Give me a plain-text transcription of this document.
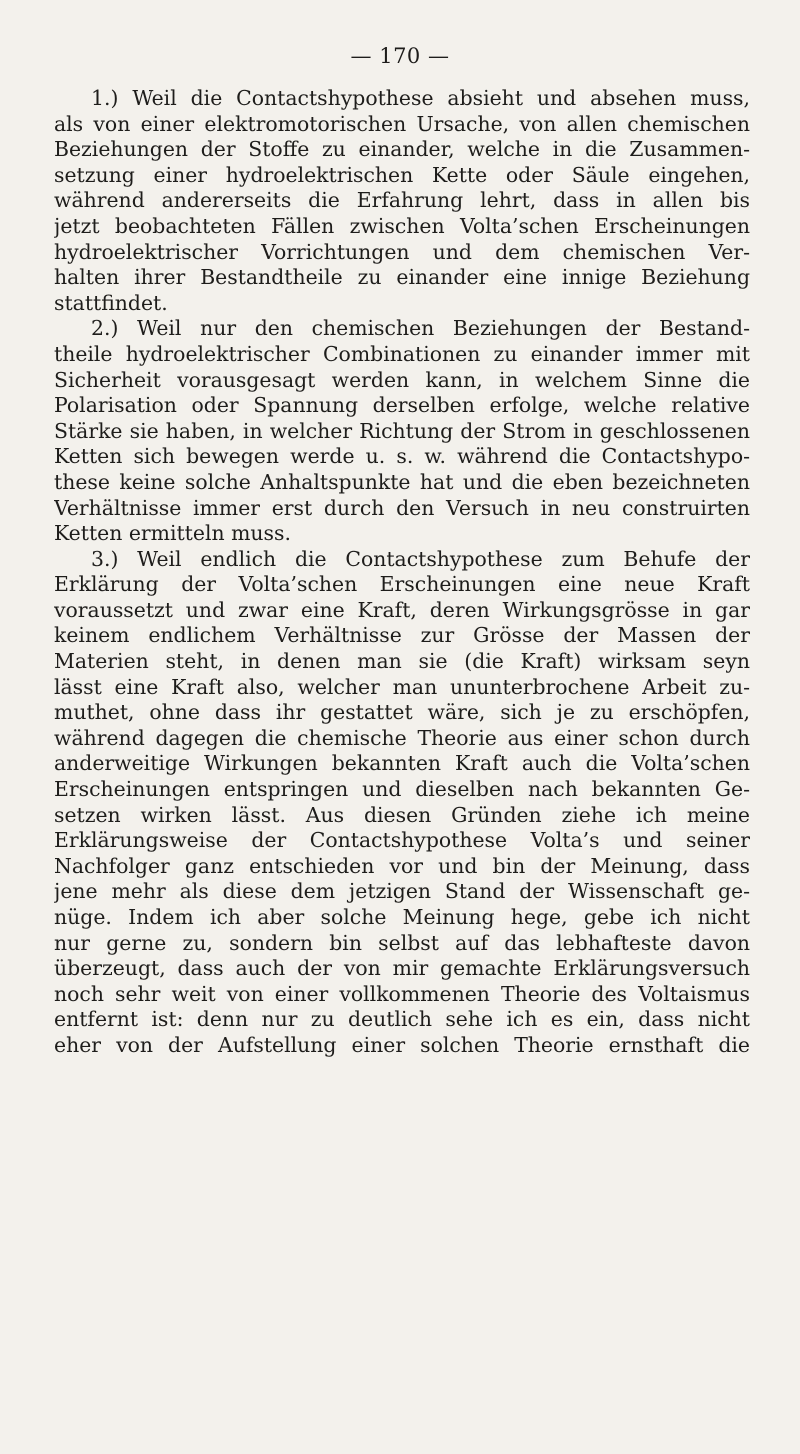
— 170 —
1.) Weil die Contactshypothese absieht und absehen muss,
als von einer elektromotorischen Ursache, von allen chemischen
Beziehungen der Stoffe zu einander, welche in die Zusammen-
setzung einer hydroelektrischen Kette oder Säule eingehen,
während andererseits die Erfahrung lehrt, dass in allen bis
jetzt beobachteten Fällen zwischen Volta’schen Erscheinungen
hydroelektrischer Vorrichtungen und dem chemischen Ver-
halten ihrer Bestandtheile zu einander eine innige Beziehung
stattfindet.
2.) Weil nur den chemischen Beziehungen der Bestand-
theile hydroelektrischer Combinationen zu einander immer mit
Sicherheit vorausgesagt werden kann, in welchem Sinne die
Polarisation oder Spannung derselben erfolge, welche relative
Stärke sie haben, in welcher Richtung der Strom in geschlossenen
Ketten sich bewegen werde u. s. w. während die Contactshypo-
these keine solche Anhaltspunkte hat und die eben bezeichneten
Verhältnisse immer erst durch den Versuch in neu construirten
Ketten ermitteln muss.
3.) Weil endlich die Contactshypothese zum Behufe der
Erklärung der Volta’schen Erscheinungen eine neue Kraft
voraussetzt und zwar eine Kraft, deren Wirkungsgrösse in gar
keinem endlichem Verhältnisse zur Grösse der Massen der
Materien steht, in denen man sie (die Kraft) wirksam seyn
lässt eine Kraft also, welcher man ununterbrochene Arbeit zu-
muthet, ohne dass ihr gestattet wäre, sich je zu erschöpfen,
während dagegen die chemische Theorie aus einer schon durch
anderweitige Wirkungen bekannten Kraft auch die Volta’schen
Erscheinungen entspringen und dieselben nach bekannten Ge-
setzen wirken lässt. Aus diesen Gründen ziehe ich meine
Erklärungsweise der Contactshypothese Volta’s und seiner
Nachfolger ganz entschieden vor und bin der Meinung, dass
jene mehr als diese dem jetzigen Stand der Wissenschaft ge-
nüge. Indem ich aber solche Meinung hege, gebe ich nicht
nur gerne zu, sondern bin selbst auf das lebhafteste davon
überzeugt, dass auch der von mir gemachte Erklärungsversuch
noch sehr weit von einer vollkommenen Theorie des Voltaismus
entfernt ist: denn nur zu deutlich sehe ich es ein, dass nicht
eher von der Aufstellung einer solchen Theorie ernsthaft die
